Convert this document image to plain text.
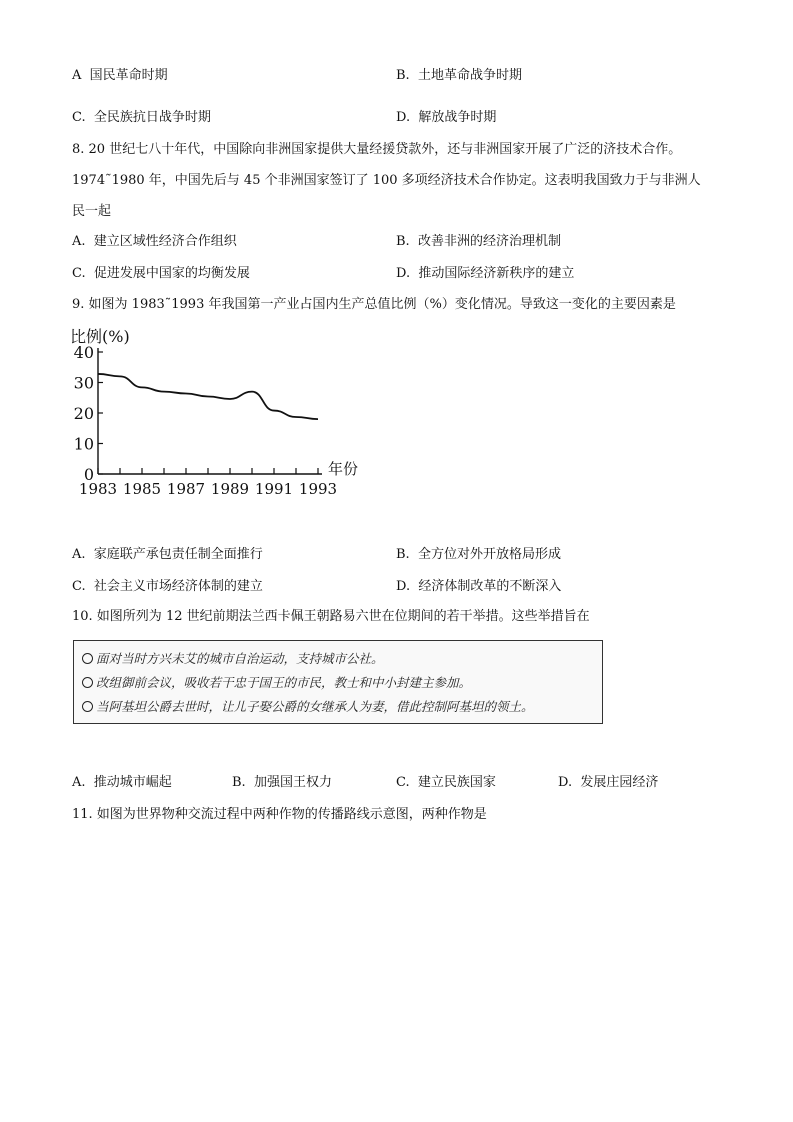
A 国民革命时期	B. 土地革命战争时期
C. 全民族抗日战争时期	D. 解放战争时期
8. 20 世纪七八十年代，中国除向非洲国家提供大量经援贷款外，还与非洲国家开展了广泛的济技术合作。
1974˜1980 年，中国先后与 45 个非洲国家签订了 100 多项经济技术合作协定。这表明我国致力于与非洲人
民一起
A. 建立区域性经济合作组织	B. 改善非洲的经济治理机制
C. 促进发展中国家的均衡发展	D. 推动国际经济新秩序的建立
9. 如图为 1983˜1993 年我国第一产业占国内生产总值比例（%）变化情况。导致这一变化的主要因素是
比例(%)
年份
0
10
20
30
40
1983 1985 1987 1989 1991 1993
A. 家庭联产承包责任制全面推行	B. 全方位对外开放格局形成
C. 社会主义市场经济体制的建立	D. 经济体制改革的不断深入
10. 如图所列为 12 世纪前期法兰西卡佩王朝路易六世在位期间的若干举措。这些举措旨在
面对当时方兴未艾的城市自治运动，支持城市公社。
改组御前会议，吸收若干忠于国王的市民，教士和中小封建主参加。
当阿基坦公爵去世时，让儿子娶公爵的女继承人为妻，借此控制阿基坦的领土。
A. 推动城市崛起	B. 加强国王权力	C. 建立民族国家	D. 发展庄园经济
11. 如图为世界物种交流过程中两种作物的传播路线示意图，两种作物是
